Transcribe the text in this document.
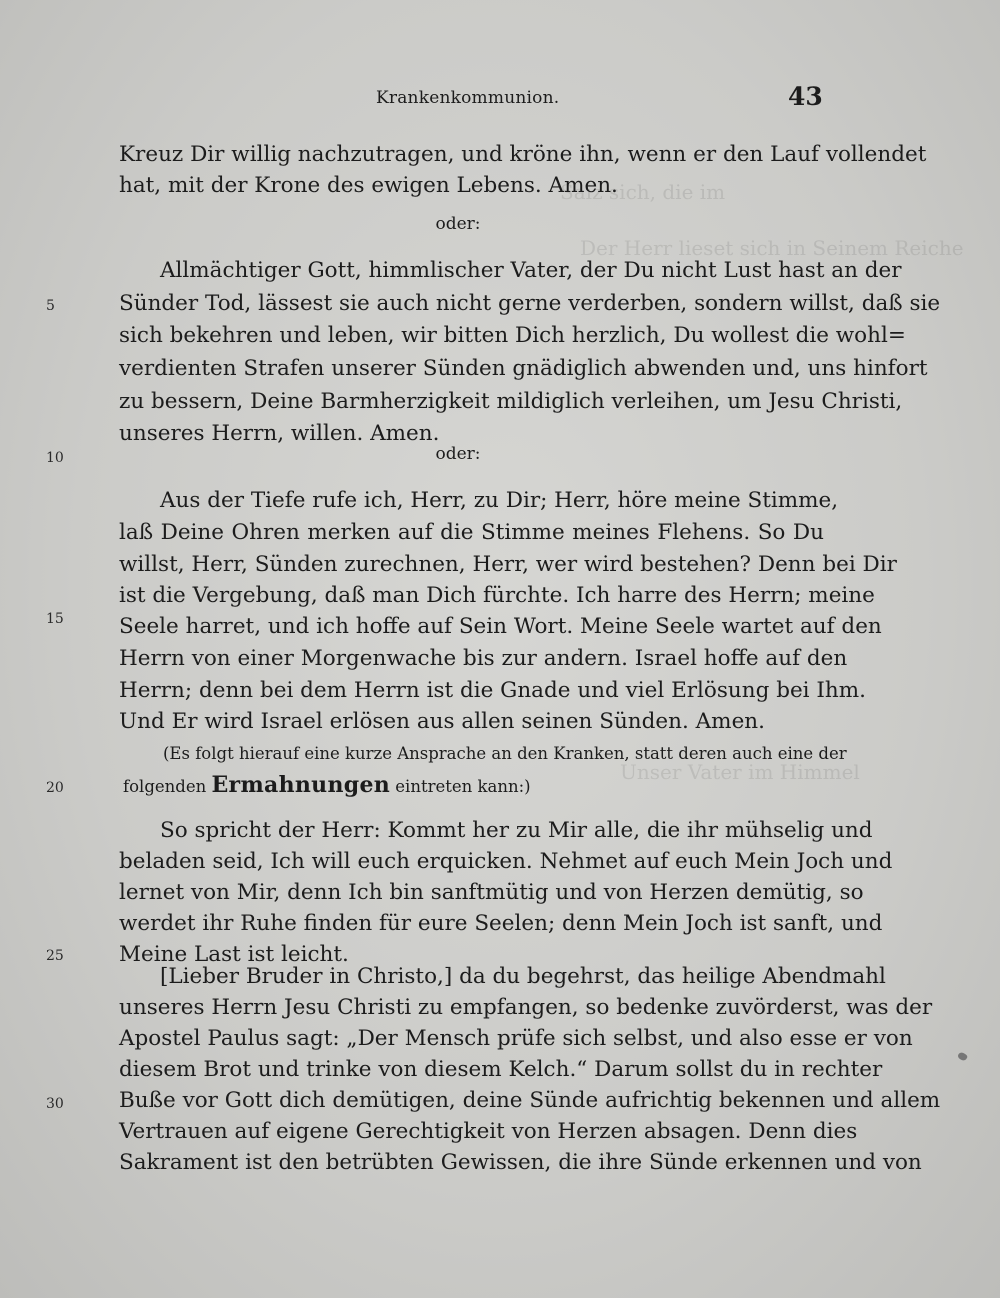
Krankenkommunion.	43
Saiz sich, die im
Der Herr lieset sich in Seinem Reiche
Unser Vater im Himmel
Kreuz Dir willig nachzutragen, und kröne ihn, wenn er den Lauf vollendet
hat, mit der Krone des ewigen Lebens. Amen.
oder:
Allmächtiger Gott, himmlischer Vater, der Du nicht Lust hast an der
Sünder Tod, lässest sie auch nicht gerne verderben, sondern willst, daß sie
sich bekehren und leben, wir bitten Dich herzlich, Du wollest die wohl=
verdienten Strafen unserer Sünden gnädiglich abwenden und, uns hinfort
zu bessern, Deine Barmherzigkeit mildiglich verleihen, um Jesu Christi,
unseres Herrn, willen. Amen.
oder:
Aus der Tiefe rufe ich, Herr, zu Dir; Herr, höre meine Stimme,
laß Deine Ohren merken auf die Stimme meines Flehens. So Du
willst, Herr, Sünden zurechnen, Herr, wer wird bestehen? Denn bei Dir
ist die Vergebung, daß man Dich fürchte. Ich harre des Herrn; meine
Seele harret, und ich hoffe auf Sein Wort. Meine Seele wartet auf den
Herrn von einer Morgenwache bis zur andern. Israel hoffe auf den
Herrn; denn bei dem Herrn ist die Gnade und viel Erlösung bei Ihm.
Und Er wird Israel erlösen aus allen seinen Sünden. Amen.
(Es folgt hierauf eine kurze Ansprache an den Kranken, statt deren auch eine der
folgenden Ermahnungen eintreten kann:)
So spricht der Herr: Kommt her zu Mir alle, die ihr mühselig und
beladen seid, Ich will euch erquicken. Nehmet auf euch Mein Joch und
lernet von Mir, denn Ich bin sanftmütig und von Herzen demütig, so
werdet ihr Ruhe finden für eure Seelen; denn Mein Joch ist sanft, und
Meine Last ist leicht.
[Lieber Bruder in Christo,] da du begehrst, das heilige Abendmahl
unseres Herrn Jesu Christi zu empfangen, so bedenke zuvörderst, was der
Apostel Paulus sagt: „Der Mensch prüfe sich selbst, und also esse er von
diesem Brot und trinke von diesem Kelch.“ Darum sollst du in rechter
Buße vor Gott dich demütigen, deine Sünde aufrichtig bekennen und allem
Vertrauen auf eigene Gerechtigkeit von Herzen absagen. Denn dies
Sakrament ist den betrübten Gewissen, die ihre Sünde erkennen und von
5
10
15
20
25
30
